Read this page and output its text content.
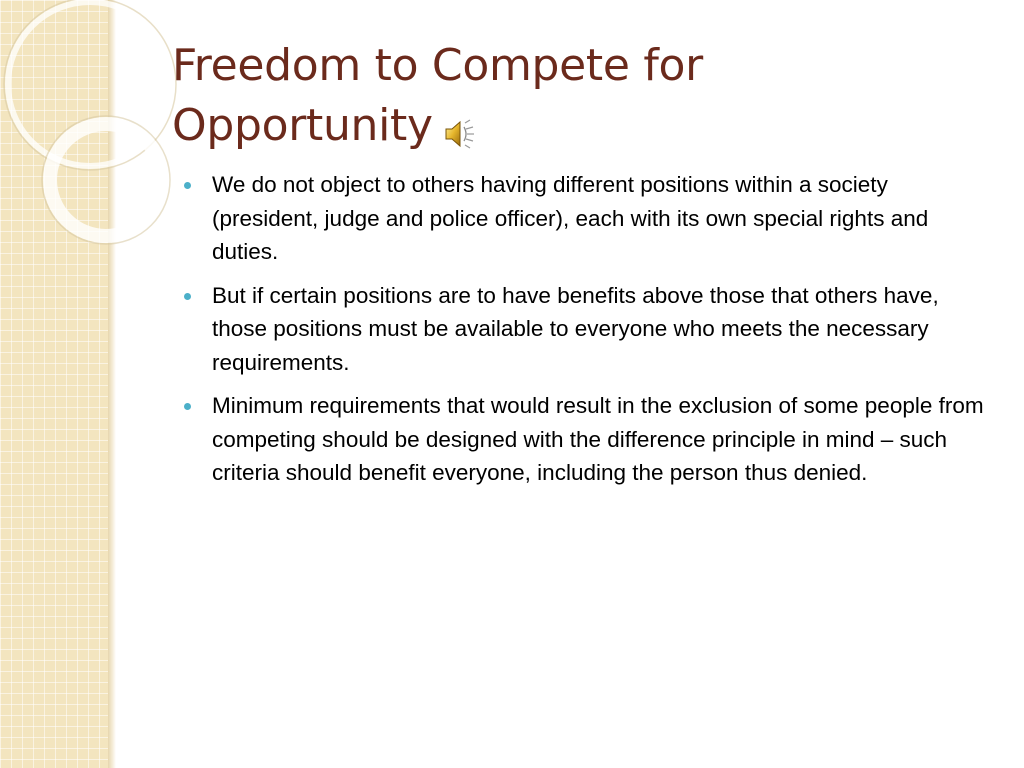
Freedom to Compete for
Opportunity
We do not object to others having different positions within a society (president, judge and police officer), each with its own special rights and duties.
But if certain positions are to have benefits above those that others have, those positions must be available to everyone who meets the necessary requirements.
Minimum requirements that would result in the exclusion of some people from competing should be designed with the difference principle in mind – such criteria should benefit everyone, including the person thus denied.
